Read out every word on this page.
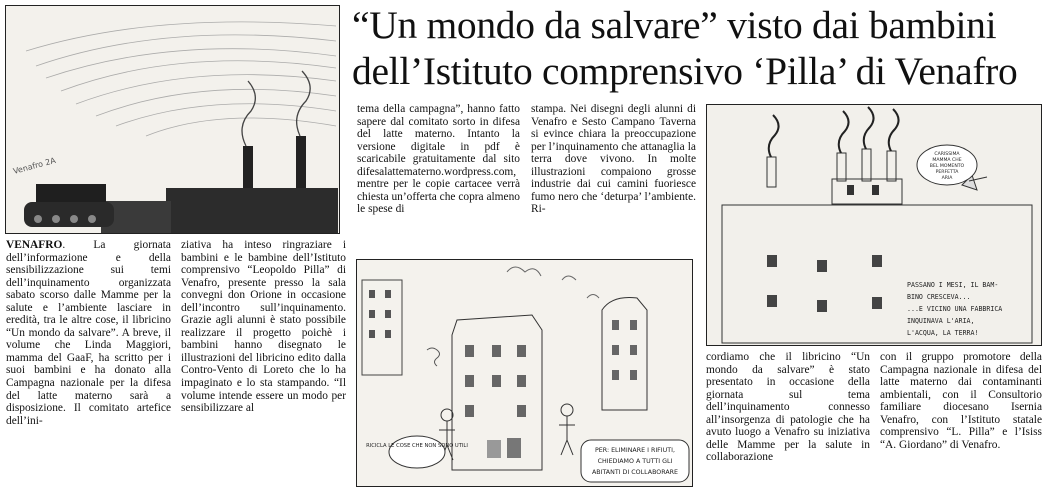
Venafro 2A
“Un mondo da salvare” visto dai bambini
dell’Istituto comprensivo ‘Pilla’ di Venafro
VENAFRO. La giornata dell’informazione e della sensibilizzazione sui temi dell’inquinamento organizzata sabato scorso dalle Mamme per la salute e l’ambiente lasciare in eredità, tra le altre cose, il libricino “Un mondo da salvare”. A breve, il volume che Linda Maggiori, mamma del GaaF, ha scritto per i suoi bambini e ha donato alla Campagna nazionale per la difesa del latte materno sarà a disposizione. Il comitato artefice dell’ini-
ziativa ha inteso ringraziare i bambini e le bambine dell’Istituto comprensivo “Leopoldo Pilla” di Venafro, presente presso la sala convegni don Orione in occasione dell’incontro sull’inquinamento. Grazie agli alunni è stato possibile realizzare il progetto poichè i bambini hanno disegnato le illustrazioni del libricino edito dalla Contro-Vento di Loreto che lo ha impaginato e lo sta stampando. “Il volume intende essere un modo per sensibilizzare al
tema della campagna”, hanno fatto sapere dal comitato sorto in difesa del latte materno. Intanto la versione digitale in pdf è scaricabile gratuitamente dal sito difesalattematerno.wordpress.com, mentre per le copie cartacee verrà chiesta un’offerta che copra almeno le spese di
stampa. Nei disegni degli alunni di Venafro e Sesto Campano Taverna si evince chiara la preoccupazione per l’inquinamento che attanaglia la terra dove vivono. In molte illustrazioni compaiono grosse industrie dai cui camini fuoriesce fumo nero che ‘deturpa’ l’ambiente. Ri-
cordiamo che il libricino “Un mondo da salvare” è stato presentato in occasione della giornata sul tema dell’inquinamento connesso all’insorgenza di patologie che ha avuto luogo a Venafro su iniziativa delle Mamme per la salute in collaborazione
con il gruppo promotore della Campagna nazionale in difesa del latte materno dai contaminanti ambientali, con il Consultorio familiare diocesano Isernia Venafro, con l’Istituto statale comprensivo “L. Pilla” e l’Isiss “A. Giordano” di Venafro.
RICICLA LE COSE CHE NON SONO UTILI
PER: ELIMINARE I RIFIUTI,
CHIEDIAMO A TUTTI GLI
ABITANTI DI COLLABORARE
CARISSIMA
MAMMA CHE
BEL MOMENTO
PERFETTA
ARIA
PASSANO I MESI, IL BAM-
BINO CRESCEVA...
...E VICINO UNA FABBRICA
INQUINAVA L'ARIA,
L'ACQUA, LA TERRA!
